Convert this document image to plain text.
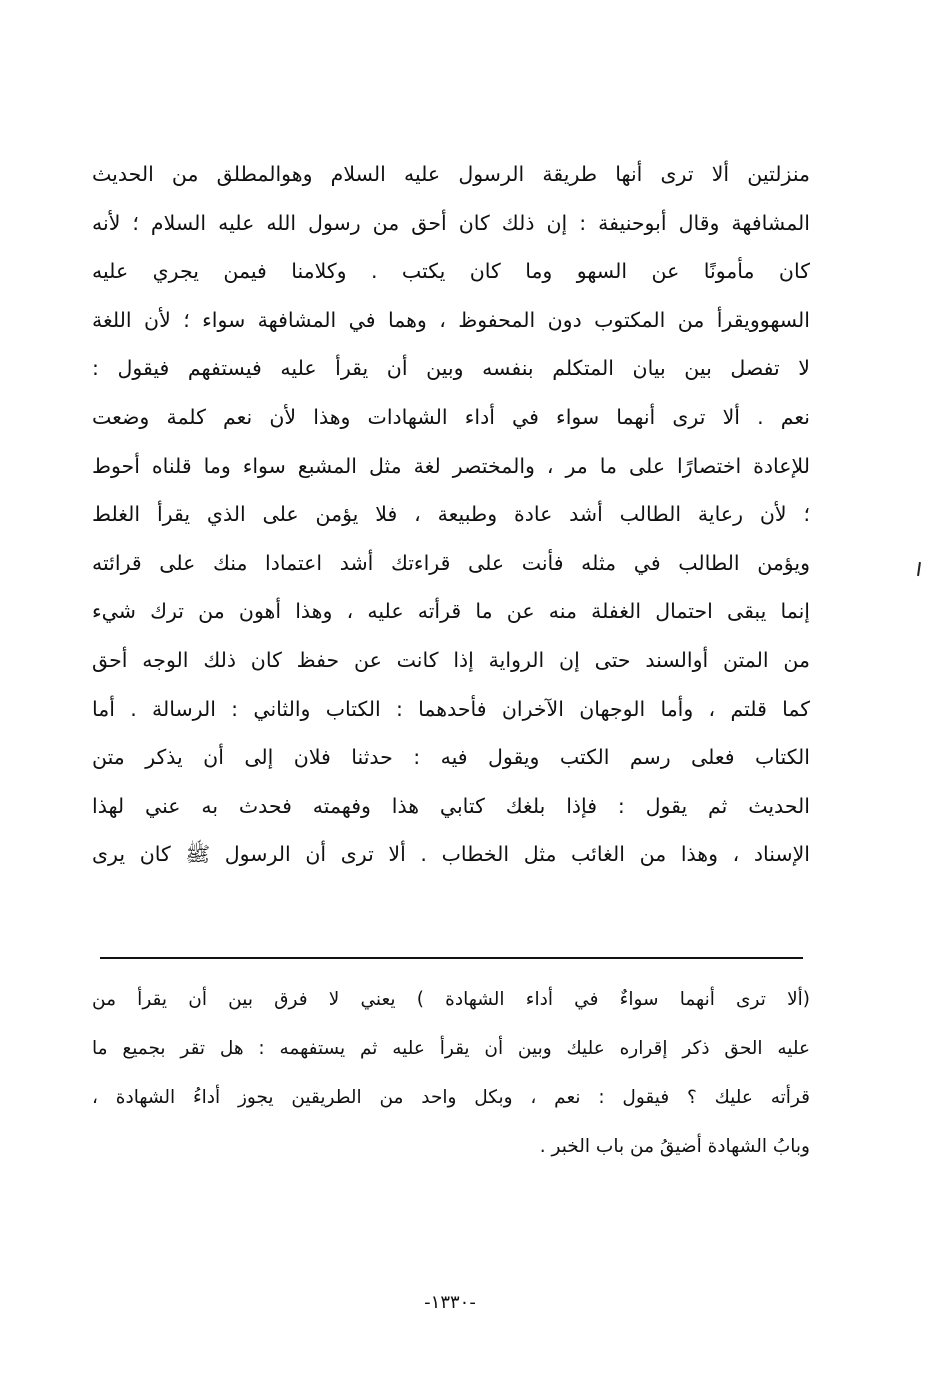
منزلتين ألا ترى أنها طريقة الرسول عليه السلام وهوالمطلق من الحديث
المشافهة وقال أبوحنيفة : إن ذلك كان أحق من رسول الله عليه السلام ؛ لأنه
كان مأمونًا عن السهو وما كان يكتب . وكلامنا فيمن يجري عليه
السهوويقرأ من المكتوب دون المحفوظ ، وهما في المشافهة سواء ؛ لأن اللغة
لا تفصل بين بيان المتكلم بنفسه وبين أن يقرأ عليه فيستفهم فيقول :
نعم . ألا ترى أنهما سواء في أداء الشهادات وهذا لأن نعم كلمة وضعت
للإعادة اختصارًا على ما مر ، والمختصر لغة مثل المشبع سواء وما قلناه أحوط
؛ لأن رعاية الطالب أشد عادة وطبيعة ، فلا يؤمن على الذي يقرأ الغلط
ويؤمن الطالب في مثله فأنت على قراءتك أشد اعتمادا منك على قرائته
إنما يبقى احتمال الغفلة منه عن ما قرأته عليه ، وهذا أهون من ترك شيء
من المتن أوالسند حتى إن الرواية إذا كانت عن حفظ كان ذلك الوجه أحق
كما قلتم ، وأما الوجهان الآخران فأحدهما : الكتاب والثاني : الرسالة . أما
الكتاب فعلى رسم الكتب ويقول فيه : حدثنا فلان إلى أن يذكر متن
الحديث ثم يقول : فإذا بلغك كتابي هذا وفهمته فحدث به عني لهذا
الإسناد ، وهذا من الغائب مثل الخطاب . ألا ترى أن الرسول ﷺ كان يرى
(ألا ترى أنهما سواءٌ في أداء الشهادة ) يعني لا فرق بين أن يقرأ من
عليه الحق ذكر إقراره عليك وبين أن يقرأ عليه ثم يستفهمه : هل تقر بجميع ما
قرأته عليك ؟ فيقول : نعم ، وبكل واحد من الطريقين يجوز أداءُ الشهادة ،
وبابُ الشهادة أضيقُ من باب الخبر .
-١٣٣٠-
